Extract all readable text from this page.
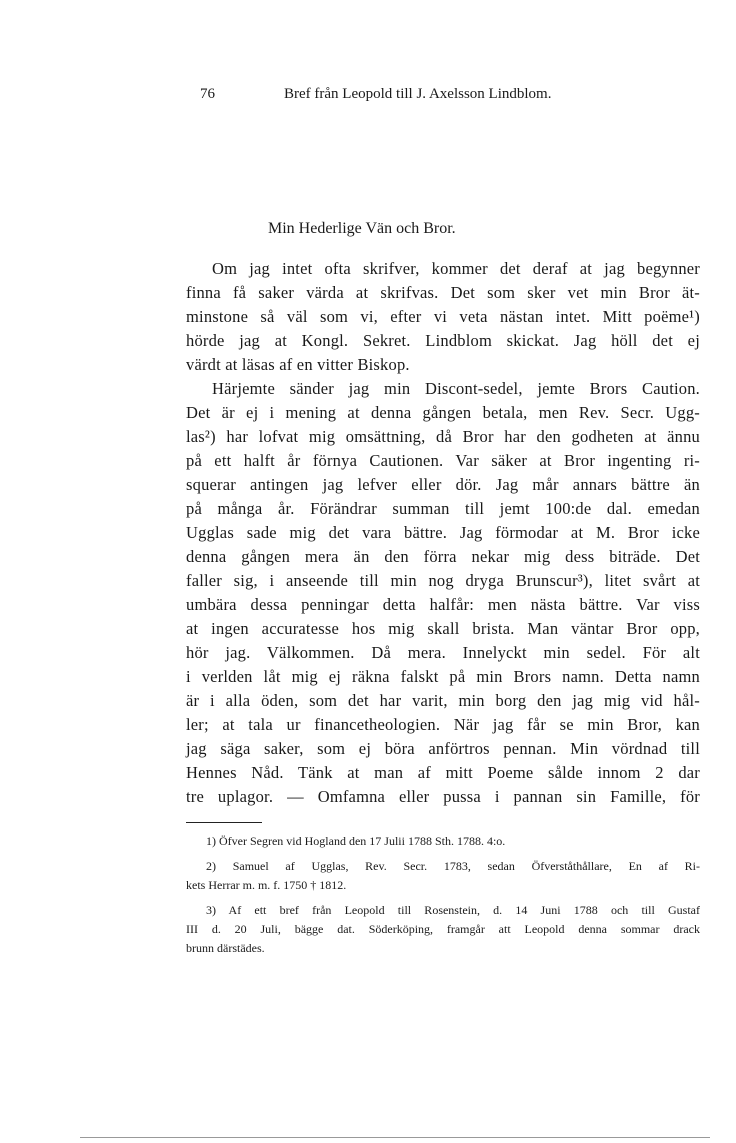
76	Bref från Leopold till J. Axelsson Lindblom.
Min Hederlige Vän och Bror.
Om jag intet ofta skrifver, kommer det deraf at jag begynner
finna få saker värda at skrifvas. Det som sker vet min Bror ät-
minstone så väl som vi, efter vi veta nästan intet. Mitt poëme¹)
hörde jag at Kongl. Sekret. Lindblom skickat. Jag höll det ej
värdt at läsas af en vitter Biskop.
Härjemte sänder jag min Discont-sedel, jemte Brors Caution.
Det är ej i mening at denna gången betala, men Rev. Secr. Ugg-
las²) har lofvat mig omsättning, då Bror har den godheten at ännu
på ett halft år förnya Cautionen. Var säker at Bror ingenting ri-
squerar antingen jag lefver eller dör. Jag mår annars bättre än
på många år. Förändrar summan till jemt 100:de dal. emedan
Ugglas sade mig det vara bättre. Jag förmodar at M. Bror icke
denna gången mera än den förra nekar mig dess biträde. Det
faller sig, i anseende till min nog dryga Brunscur³), litet svårt at
umbära dessa penningar detta halfår: men nästa bättre. Var viss
at ingen accuratesse hos mig skall brista. Man väntar Bror opp,
hör jag. Välkommen. Då mera. Innelyckt min sedel. För alt
i verlden låt mig ej räkna falskt på min Brors namn. Detta namn
är i alla öden, som det har varit, min borg den jag mig vid hål-
ler; at tala ur financetheologien. När jag får se min Bror, kan
jag säga saker, som ej böra anförtros pennan. Min vördnad till
Hennes Nåd. Tänk at man af mitt Poeme sålde innom 2 dar
tre uplagor. — Omfamna eller pussa i pannan sin Famille, för
1) Öfver Segren vid Hogland den 17 Julii 1788 Sth. 1788. 4:o.
2) Samuel af Ugglas, Rev. Secr. 1783, sedan Öfverståthållare, En af Ri-
kets Herrar m. m. f. 1750 † 1812.
3) Af ett bref från Leopold till Rosenstein, d. 14 Juni 1788 och till Gustaf
III d. 20 Juli, bägge dat. Söderköping, framgår att Leopold denna sommar drack
brunn därstädes.
